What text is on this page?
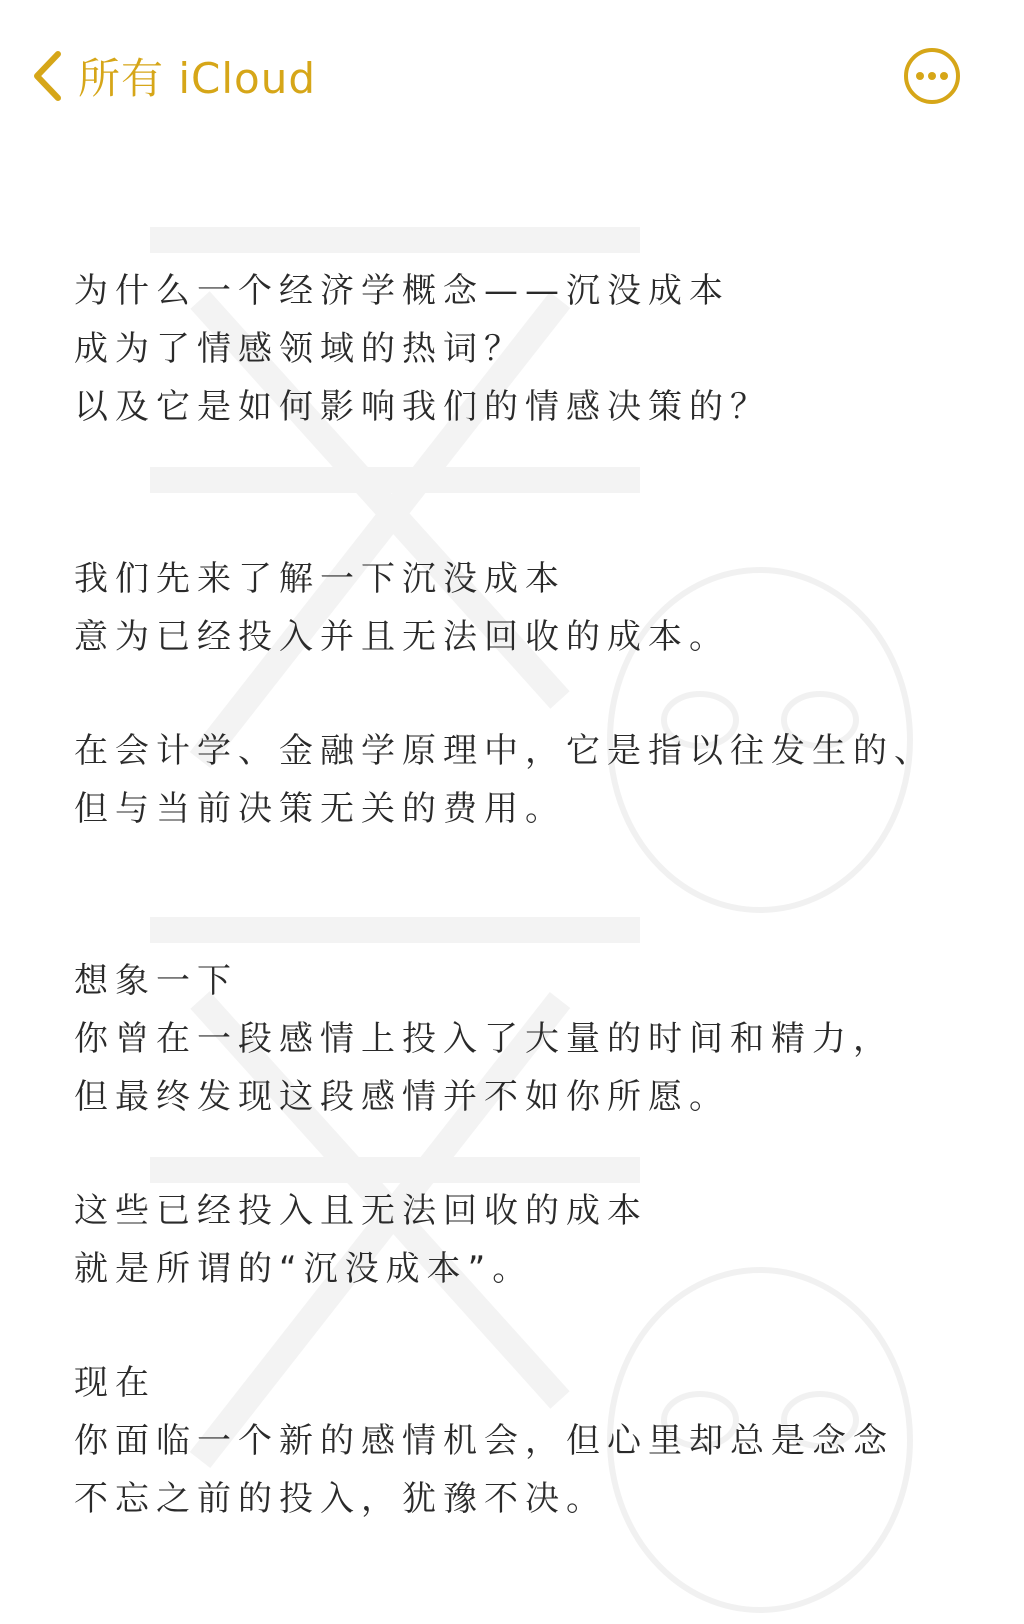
所有 iCloud

为什么一个经济学概念——沉没成本
成为了情感领域的热词？
以及它是如何影响我们的情感决策的？

我们先来了解一下沉没成本
意为已经投入并且无法回收的成本。

在会计学、金融学原理中，它是指以往发生的、
但与当前决策无关的费用。

想象一下
你曾在一段感情上投入了大量的时间和精力，
但最终发现这段感情并不如你所愿。

这些已经投入且无法回收的成本
就是所谓的“沉没成本”。

现在
你面临一个新的感情机会，但心里却总是念念
不忘之前的投入，犹豫不决。
